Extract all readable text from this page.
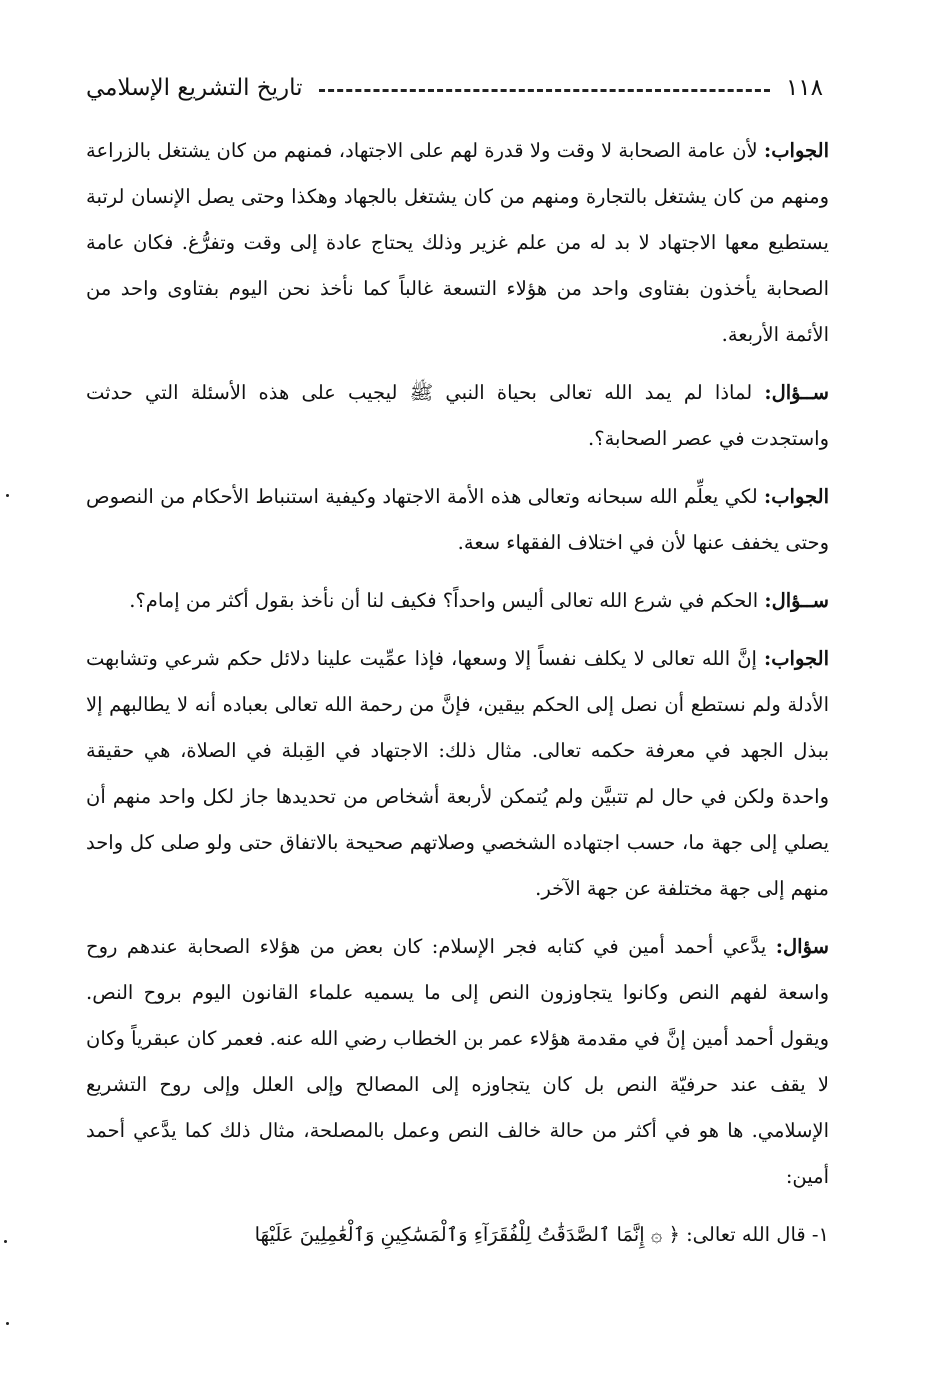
تاريخ التشريع الإسلامي	١١٨

الجواب: لأن عامة الصحابة لا وقت ولا قدرة لهم على الاجتهاد، فمنهم من كان يشتغل بالزراعة ومنهم من كان يشتغل بالتجارة ومنهم من كان يشتغل بالجهاد وهكذا وحتى يصل الإنسان لرتبة يستطيع معها الاجتهاد لا بد له من علم غزير وذلك يحتاج عادة إلى وقت وتفرُّغ. فكان عامة الصحابة يأخذون بفتاوى واحد من هؤلاء التسعة غالباً كما نأخذ نحن اليوم بفتاوى واحد من الأئمة الأربعة.

ســؤال: لماذا لم يمد الله تعالى بحياة النبي ﷺ ليجيب على هذه الأسئلة التي حدثت واستجدت في عصر الصحابة؟.

الجواب: لكي يعلِّم الله سبحانه وتعالى هذه الأمة الاجتهاد وكيفية استنباط الأحكام من النصوص وحتى يخفف عنها لأن في اختلاف الفقهاء سعة.

ســؤال: الحكم في شرع الله تعالى أليس واحداً؟ فكيف لنا أن نأخذ بقول أكثر من إمام؟.

الجواب: إنَّ الله تعالى لا يكلف نفساً إلا وسعها، فإذا عمِّيت علينا دلائل حكم شرعي وتشابهت الأدلة ولم نستطع أن نصل إلى الحكم بيقين، فإنَّ من رحمة الله تعالى بعباده أنه لا يطالبهم إلا ببذل الجهد في معرفة حكمه تعالى. مثال ذلك: الاجتهاد في القِبلة في الصلاة، هي حقيقة واحدة ولكن في حال لم تتبيَّن ولم يُتمكن لأربعة أشخاص من تحديدها جاز لكل واحد منهم أن يصلي إلى جهة ما، حسب اجتهاده الشخصي وصلاتهم صحيحة بالاتفاق حتى ولو صلى كل واحد منهم إلى جهة مختلفة عن جهة الآخر.

سؤال: يدَّعي أحمد أمين في كتابه فجر الإسلام: كان بعض من هؤلاء الصحابة عندهم روح واسعة لفهم النص وكانوا يتجاوزون النص إلى ما يسميه علماء القانون اليوم بروح النص. ويقول أحمد أمين إنَّ في مقدمة هؤلاء عمر بن الخطاب رضي الله عنه. فعمر كان عبقرياً وكان لا يقف عند حرفيّة النص بل كان يتجاوزه إلى المصالح وإلى العلل وإلى روح التشريع الإسلامي. ها هو في أكثر من حالة خالف النص وعمل بالمصلحة، مثال ذلك كما يدَّعي أحمد أمين:

١- قال الله تعالى: ﴿ ۞ إِنَّمَا ٱلصَّدَقَٰتُ لِلْفُقَرَآءِ وَٱلْمَسَٰكِينِ وَٱلْعَٰمِلِينَ عَلَيْهَا
